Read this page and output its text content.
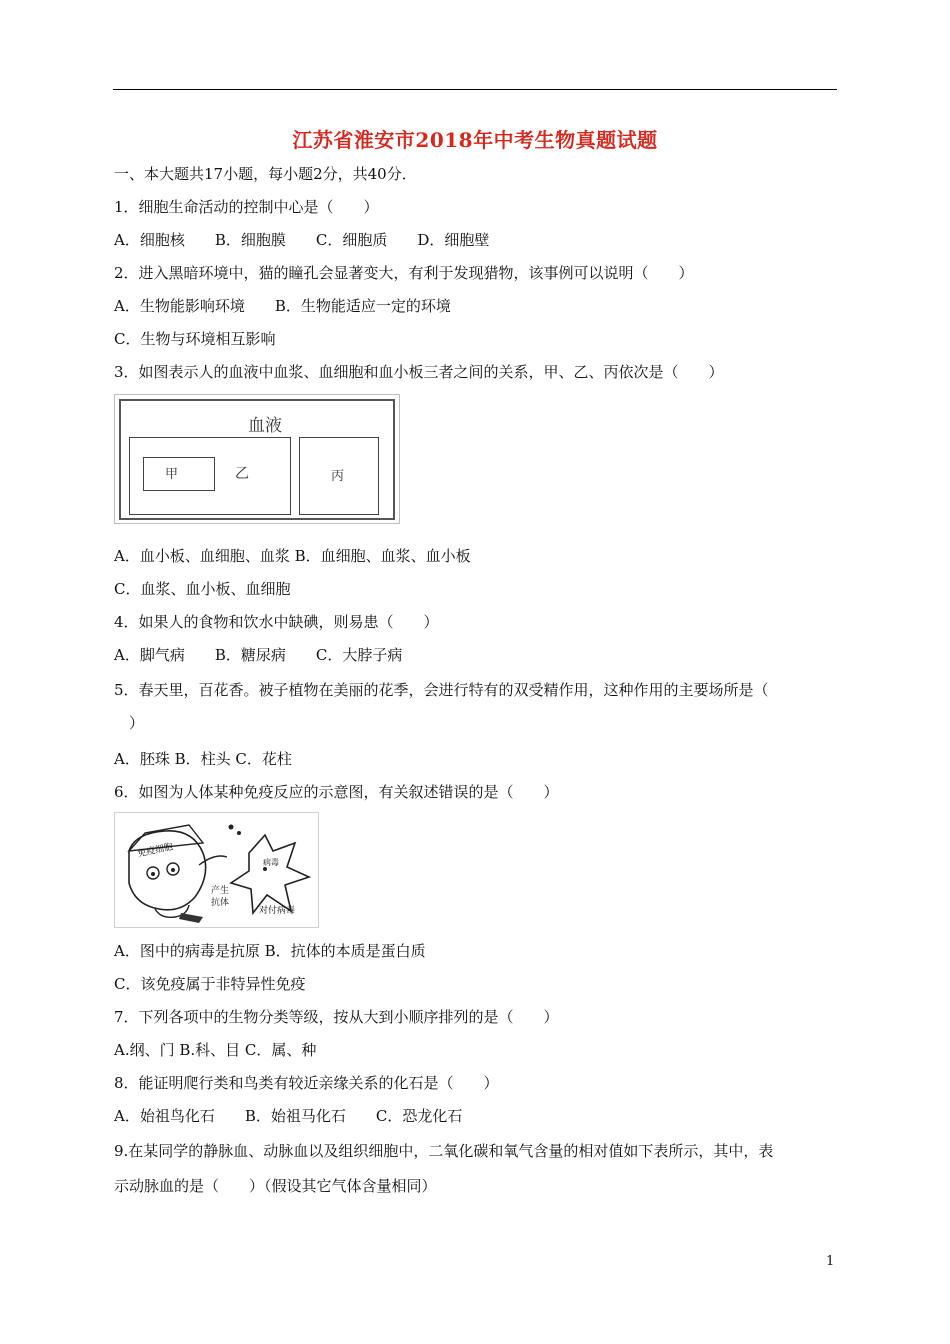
江苏省淮安市2018年中考生物真题试题
一、本大题共17小题，每小题2分，共40分．
1．细胞生命活动的控制中心是（　　）
A．细胞核　　B．细胞膜　　C．细胞质　　D．细胞壁
2．进入黑暗环境中，猫的瞳孔会显著变大，有利于发现猎物，该事例可以说明（　　）
A．生物能影响环境　　B．生物能适应一定的环境
C．生物与环境相互影响
3．如图表示人的血液中血浆、血细胞和血小板三者之间的关系，甲、乙、丙依次是（　　）
血液
甲	乙	丙
A．血小板、血细胞、血浆 B．血细胞、血浆、血小板
C．血浆、血小板、血细胞
4．如果人的食物和饮水中缺碘，则易患（　　）
A．脚气病　　B．糖尿病　　C．大脖子病
5．春天里，百花香。被子植物在美丽的花季，会进行特有的双受精作用，这种作用的主要场所是（
　）
A．胚珠 B．柱头 C．花柱
6．如图为人体某种免疫反应的示意图，有关叙述错误的是（　　）
免疫细胞
病毒
产生抗体
对付病毒
A．图中的病毒是抗原 B．抗体的本质是蛋白质
C．该免疫属于非特异性免疫
7．下列各项中的生物分类等级，按从大到小顺序排列的是（　　）
A.纲、门 B.科、目 C．属、种
8．能证明爬行类和鸟类有较近亲缘关系的化石是（　　）
A．始祖鸟化石　　B．始祖马化石　　C．恐龙化石
9.在某同学的静脉血、动脉血以及组织细胞中，二氧化碳和氧气含量的相对值如下表所示，其中，表
示动脉血的是（　　）（假设其它气体含量相同）
1
